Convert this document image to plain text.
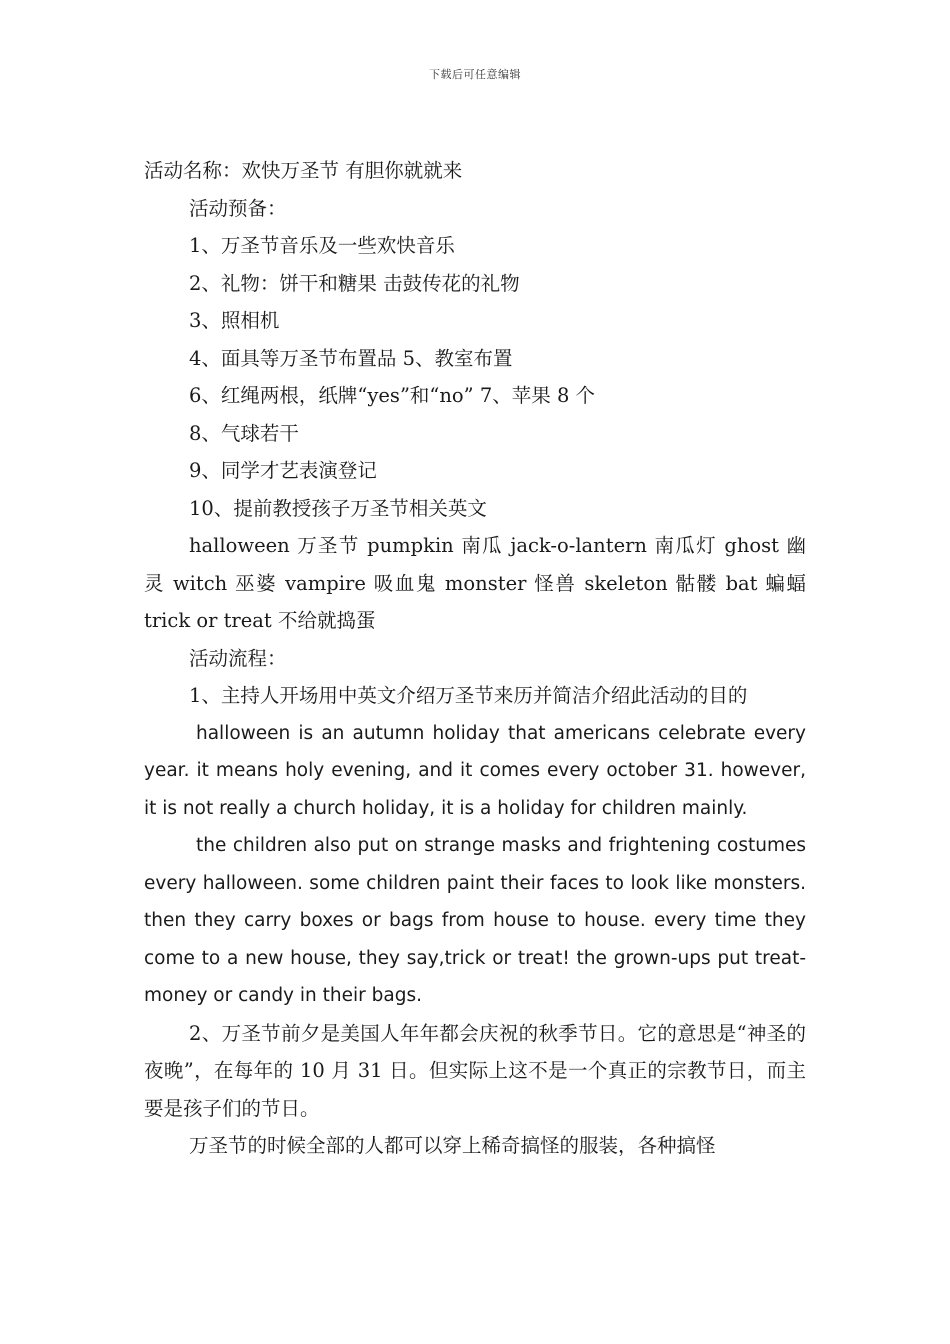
下载后可任意编辑

活动名称：欢快万圣节 有胆你就就来

活动预备：

1、万圣节音乐及一些欢快音乐

2、礼物：饼干和糖果 击鼓传花的礼物

3、照相机

4、面具等万圣节布置品 5、教室布置

6、红绳两根，纸牌“yes”和“no” 7、苹果 8 个

8、气球若干

9、同学才艺表演登记

10、提前教授孩子万圣节相关英文

halloween 万圣节 pumpkin 南瓜 jack-o-lantern 南瓜灯 ghost 幽灵 witch 巫婆 vampire 吸血鬼 monster 怪兽 skeleton 骷髅 bat 蝙蝠 trick or treat 不给就捣蛋

活动流程：

1、主持人开场用中英文介绍万圣节来历并简洁介绍此活动的目的

halloween is an autumn holiday that americans celebrate every year. it means holy evening, and it comes every october 31. however, it is not really a church holiday, it is a holiday for children mainly.

the children also put on strange masks and frightening costumes every halloween. some children paint their faces to look like monsters. then they carry boxes or bags from house to house. every time they come to a new house, they say,trick or treat! the grown-ups put treat-money or candy in their bags.

2、万圣节前夕是美国人年年都会庆祝的秋季节日。它的意思是“神圣的夜晚”，在每年的 10 月 31 日。但实际上这不是一个真正的宗教节日，而主要是孩子们的节日。

万圣节的时候全部的人都可以穿上稀奇搞怪的服装，各种搞怪
